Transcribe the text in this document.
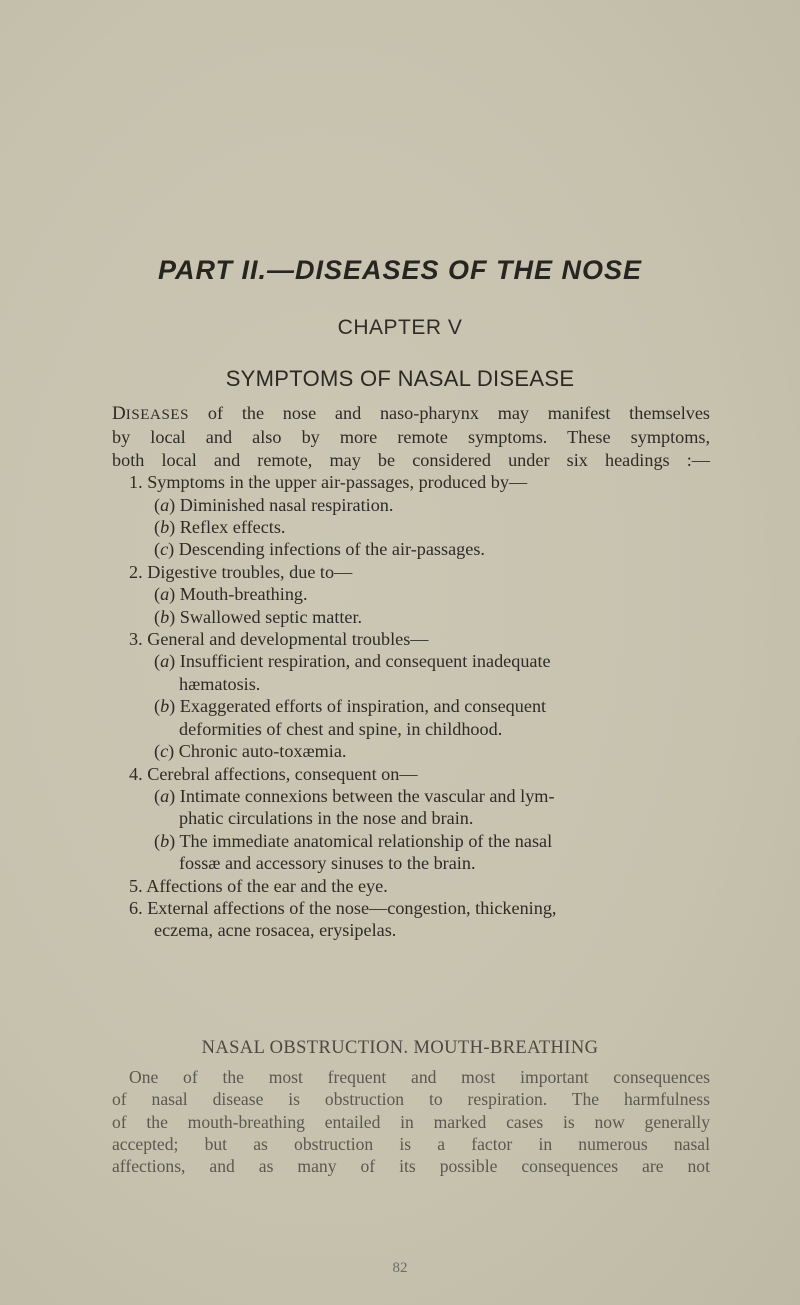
PART II.—DISEASES OF THE NOSE
CHAPTER V
SYMPTOMS OF NASAL DISEASE
DISEASES of the nose and naso-pharynx may manifest themselves
by local and also by more remote symptoms. These symptoms,
both local and remote, may be considered under six headings :—
1. Symptoms in the upper air-passages, produced by—
(a) Diminished nasal respiration.
(b) Reflex effects.
(c) Descending infections of the air-passages.
2. Digestive troubles, due to—
(a) Mouth-breathing.
(b) Swallowed septic matter.
3. General and developmental troubles—
(a) Insufficient respiration, and consequent inadequate
hæmatosis.
(b) Exaggerated efforts of inspiration, and consequent
deformities of chest and spine, in childhood.
(c) Chronic auto-toxæmia.
4. Cerebral affections, consequent on—
(a) Intimate connexions between the vascular and lym-
phatic circulations in the nose and brain.
(b) The immediate anatomical relationship of the nasal
fossæ and accessory sinuses to the brain.
5. Affections of the ear and the eye.
6. External affections of the nose—congestion, thickening,
eczema, acne rosacea, erysipelas.
NASAL OBSTRUCTION. MOUTH-BREATHING
One of the most frequent and most important consequences
of nasal disease is obstruction to respiration. The harmfulness
of the mouth-breathing entailed in marked cases is now generally
accepted; but as obstruction is a factor in numerous nasal
affections, and as many of its possible consequences are not
82
